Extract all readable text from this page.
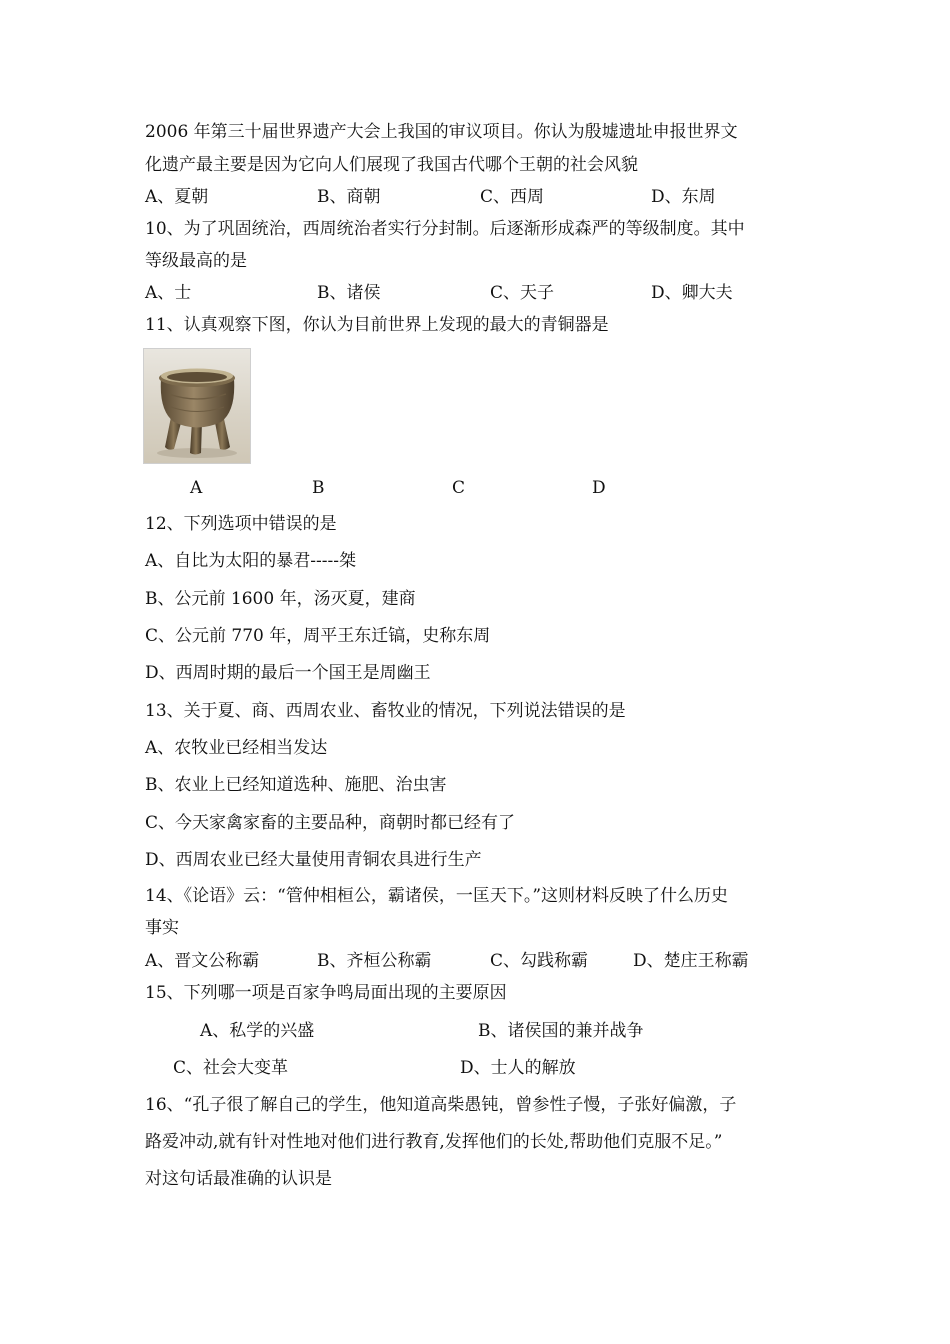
2006 年第三十届世界遗产大会上我国的审议项目。你认为殷墟遗址申报世界文
化遗产最主要是因为它向人们展现了我国古代哪个王朝的社会风貌
A、夏朝	B、商朝	C、西周	D、东周
10、为了巩固统治，西周统治者实行分封制。后逐渐形成森严的等级制度。其中
等级最高的是
A、士	B、诸侯	C、天子	D、卿大夫
11、认真观察下图，你认为目前世界上发现的最大的青铜器是
A	B	C	D
12、下列选项中错误的是
A、自比为太阳的暴君-----桀
B、公元前 1600 年，汤灭夏，建商
C、公元前 770 年，周平王东迁镐，史称东周
D、西周时期的最后一个国王是周幽王
13、关于夏、商、西周农业、畜牧业的情况，下列说法错误的是
A、农牧业已经相当发达
B、农业上已经知道选种、施肥、治虫害
C、今天家禽家畜的主要品种，商朝时都已经有了
D、西周农业已经大量使用青铜农具进行生产
14、《论语》云：“管仲相桓公，霸诸侯，一匡天下。”这则材料反映了什么历史
事实
A、晋文公称霸	B、齐桓公称霸	C、勾践称霸	D、楚庄王称霸
15、下列哪一项是百家争鸣局面出现的主要原因
A、私学的兴盛	B、诸侯国的兼并战争
C、社会大变革	D、士人的解放
16、“孔子很了解自己的学生，他知道高柴愚钝，曾参性子慢，子张好偏激，子
路爱冲动,就有针对性地对他们进行教育,发挥他们的长处,帮助他们克服不足。”
对这句话最准确的认识是
